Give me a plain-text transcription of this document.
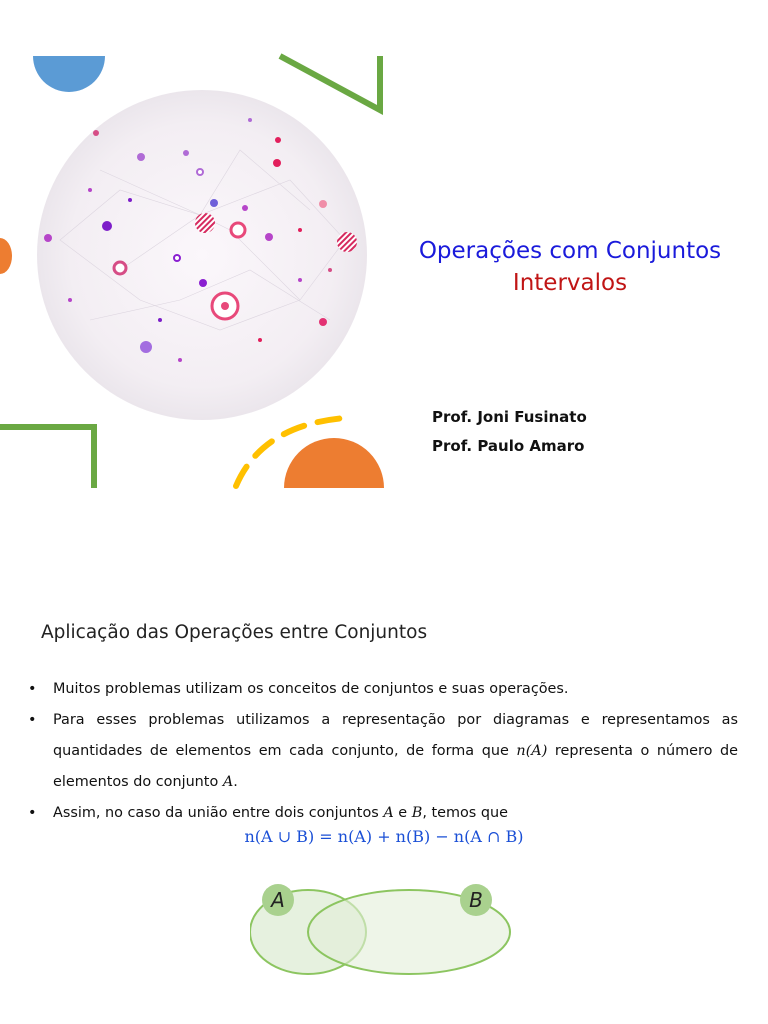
Operações com Conjuntos
Intervalos
Prof. Joni Fusinato
Prof. Paulo Amaro
Aplicação das Operações entre Conjuntos
• Muitos problemas utilizam os conceitos de conjuntos e suas operações.
• Para esses problemas utilizamos a representação por diagramas e representamos as quantidades de elementos em cada conjunto, de forma que n(A) representa o número de elementos do conjunto A.
• Assim, no caso da união entre dois conjuntos A e B, temos que
n(A ∪ B) = n(A) + n(B) − n(A ∩ B)
A	B
